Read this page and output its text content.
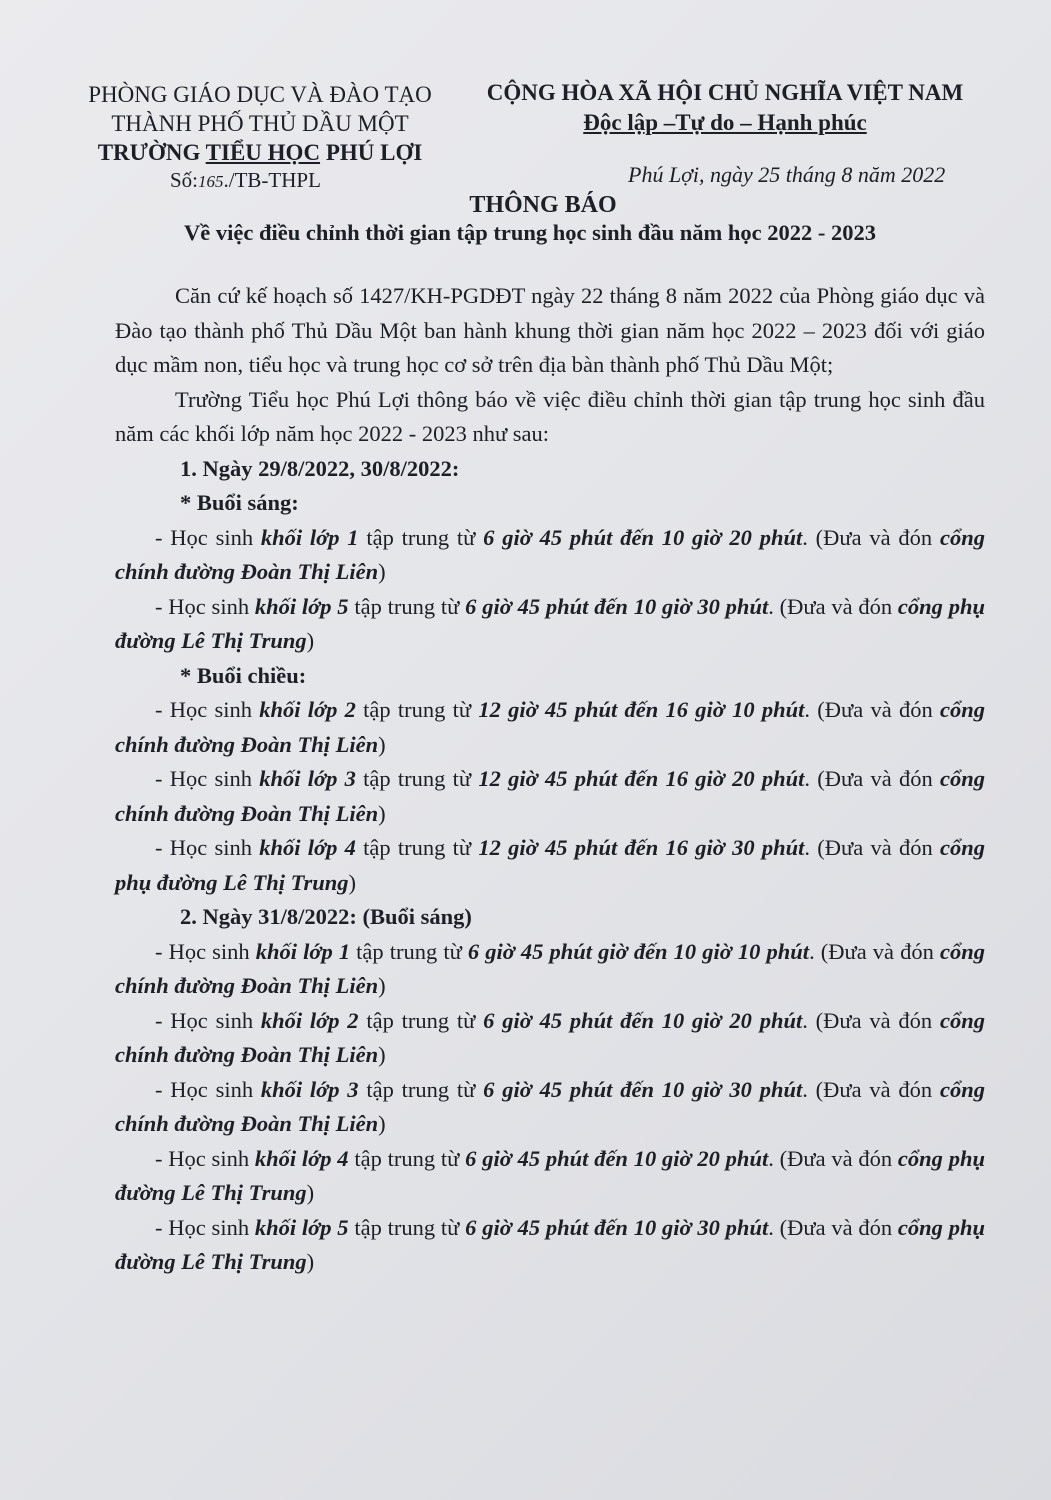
PHÒNG GIÁO DỤC VÀ ĐÀO TẠO
THÀNH PHỐ THỦ DẦU MỘT
TRƯỜNG TIỂU HỌC PHÚ LỢI
Số:165./TB-THPL
CỘNG HÒA XÃ HỘI CHỦ NGHĨA VIỆT NAM
Độc lập –Tự do – Hạnh phúc
Phú Lợi, ngày 25 tháng 8 năm 2022
THÔNG BÁO
Về việc điều chỉnh thời gian tập trung học sinh đầu năm học 2022 - 2023

Căn cứ kế hoạch số 1427/KH-PGDĐT ngày 22 tháng 8 năm 2022 của Phòng giáo dục và Đào tạo thành phố Thủ Dầu Một ban hành khung thời gian năm học 2022 – 2023 đối với giáo dục mầm non, tiểu học và trung học cơ sở trên địa bàn thành phố Thủ Dầu Một;

Trường Tiểu học Phú Lợi thông báo về việc điều chỉnh thời gian tập trung học sinh đầu năm các khối lớp năm học 2022 - 2023 như sau:

1. Ngày 29/8/2022, 30/8/2022:

* Buổi sáng:

- Học sinh khối lớp 1 tập trung từ 6 giờ 45 phút đến 10 giờ 20 phút. (Đưa và đón cổng chính đường Đoàn Thị Liên)

- Học sinh khối lớp 5 tập trung từ 6 giờ 45 phút đến 10 giờ 30 phút. (Đưa và đón cổng phụ đường Lê Thị Trung)

* Buổi chiều:

- Học sinh khối lớp 2 tập trung từ 12 giờ 45 phút đến 16 giờ 10 phút. (Đưa và đón cổng chính đường Đoàn Thị Liên)

- Học sinh khối lớp 3 tập trung từ 12 giờ 45 phút đến 16 giờ 20 phút. (Đưa và đón cổng chính đường Đoàn Thị Liên)

- Học sinh khối lớp 4 tập trung từ 12 giờ 45 phút đến 16 giờ 30 phút. (Đưa và đón cổng phụ đường Lê Thị Trung)

2. Ngày 31/8/2022: (Buổi sáng)

- Học sinh khối lớp 1 tập trung từ 6 giờ 45 phút giờ đến 10 giờ 10 phút. (Đưa và đón cổng chính đường Đoàn Thị Liên)

- Học sinh khối lớp 2 tập trung từ 6 giờ 45 phút đến 10 giờ 20 phút. (Đưa và đón cổng chính đường Đoàn Thị Liên)

- Học sinh khối lớp 3 tập trung từ 6 giờ 45 phút đến 10 giờ 30 phút. (Đưa và đón cổng chính đường Đoàn Thị Liên)

- Học sinh khối lớp 4 tập trung từ 6 giờ 45 phút đến 10 giờ 20 phút. (Đưa và đón cổng phụ đường Lê Thị Trung)

- Học sinh khối lớp 5 tập trung từ 6 giờ 45 phút đến 10 giờ 30 phút. (Đưa và đón cổng phụ đường Lê Thị Trung)
